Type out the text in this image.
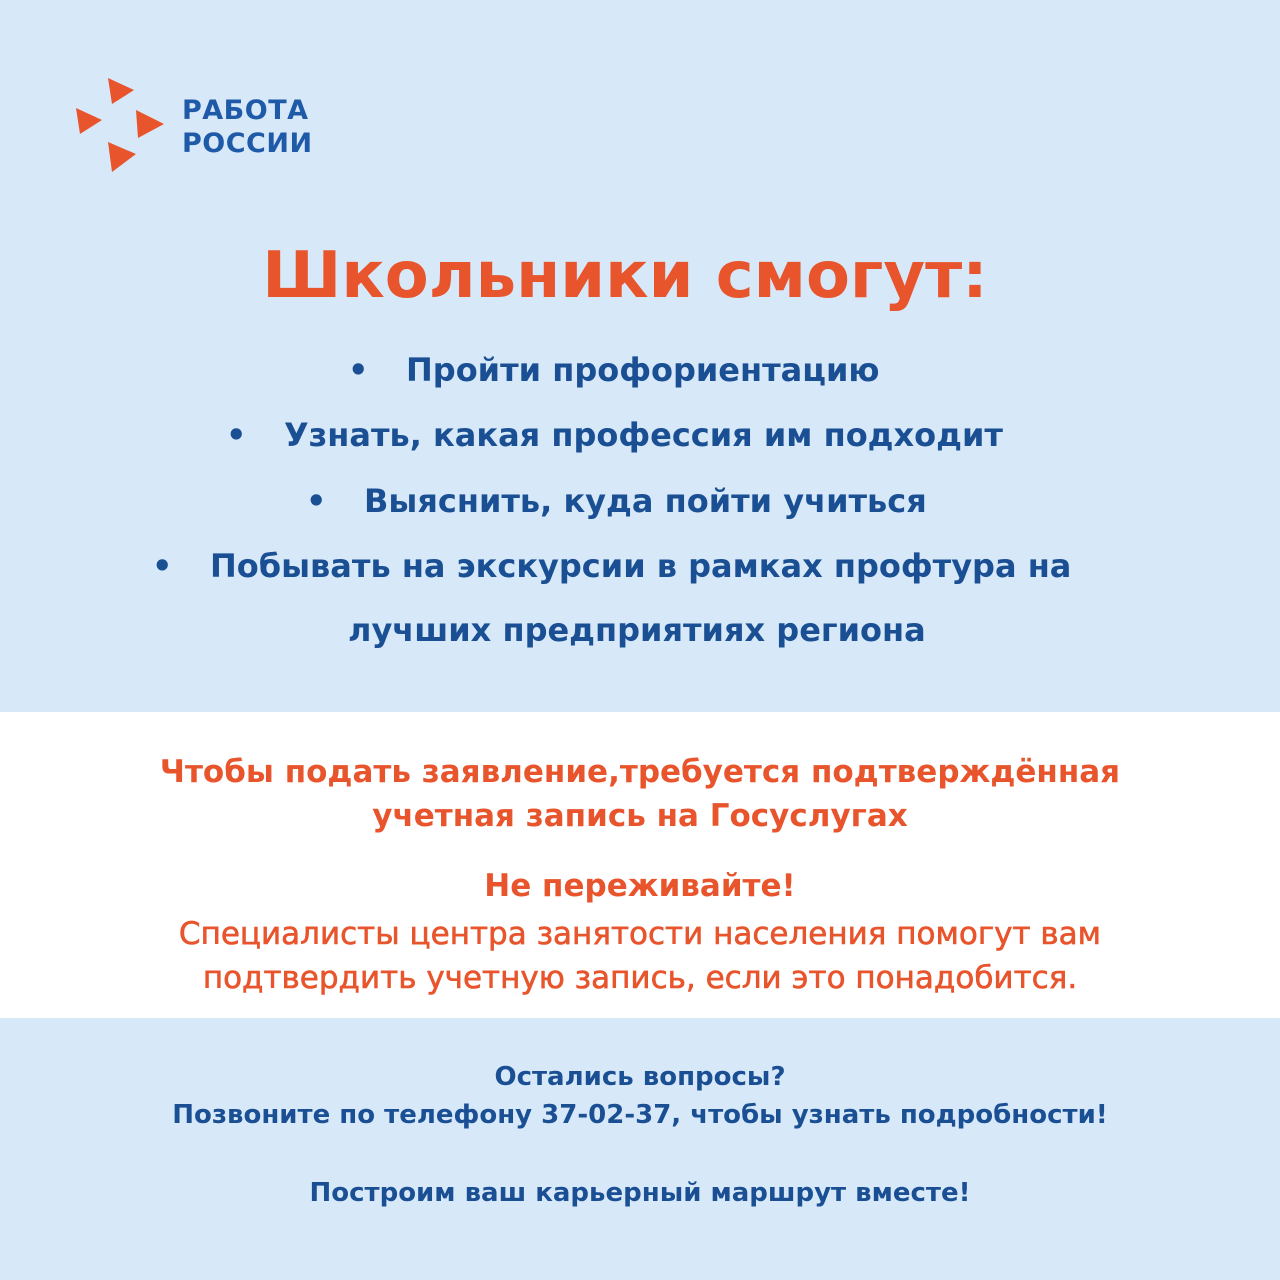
РАБОТА
РОССИИ
Школьники смогут:
• Пройти профориентацию
• Узнать, какая профессия им подходит
• Выяснить, куда пойти учиться
• Побывать на экскурсии в рамках профтура на
лучших предприятиях региона
Чтобы подать заявление,требуется подтверждённая
учетная запись на Госуслугах
Не переживайте!
Специалисты центра занятости населения помогут вам
подтвердить учетную запись, если это понадобится.
Остались вопросы?
Позвоните по телефону 37-02-37, чтобы узнать подробности!
Построим ваш карьерный маршрут вместе!
